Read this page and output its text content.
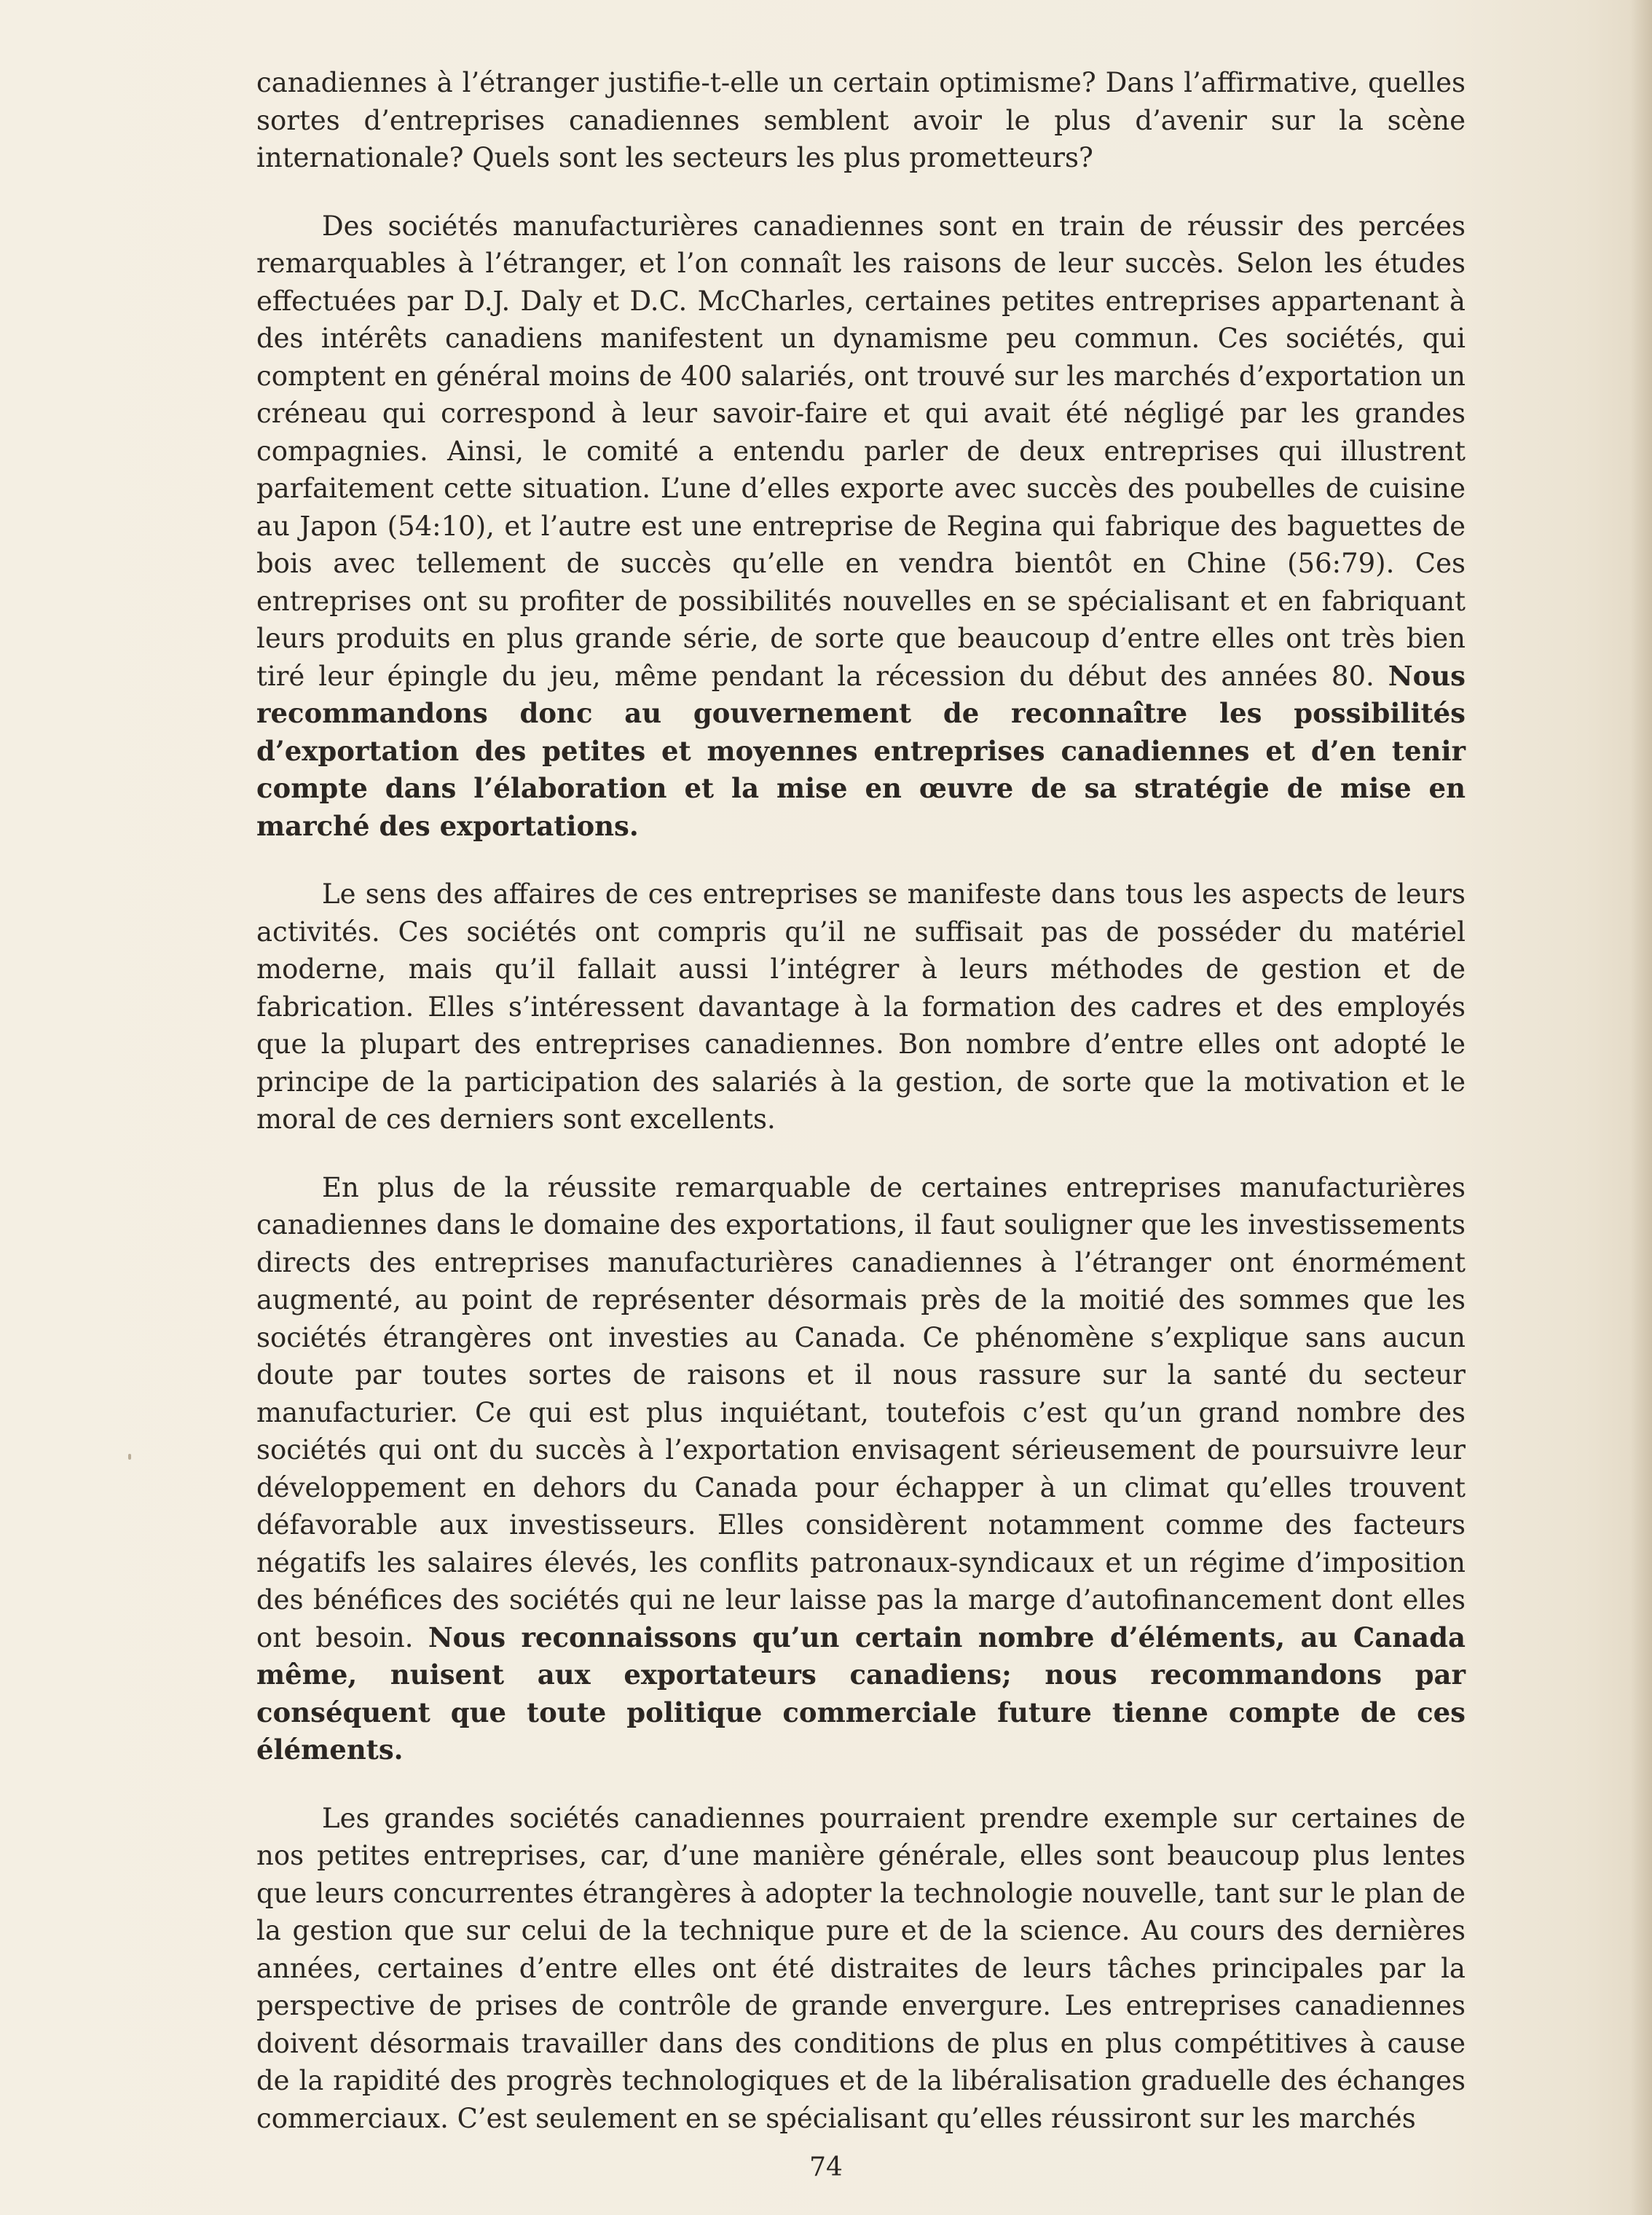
canadiennes à l’étranger justifie-t-elle un certain optimisme? Dans l’affirmative, quelles sortes d’entreprises canadiennes semblent avoir le plus d’avenir sur la scène internationale? Quels sont les secteurs les plus prometteurs?

Des sociétés manufacturières canadiennes sont en train de réussir des percées remarquables à l’étranger, et l’on connaît les raisons de leur succès. Selon les études effectuées par D.J. Daly et D.C. McCharles, certaines petites entreprises appartenant à des intérêts canadiens manifestent un dynamisme peu commun. Ces sociétés, qui comptent en général moins de 400 salariés, ont trouvé sur les marchés d’exportation un créneau qui correspond à leur savoir-faire et qui avait été négligé par les grandes compagnies. Ainsi, le comité a entendu parler de deux entreprises qui illustrent parfaitement cette situation. L’une d’elles exporte avec succès des poubelles de cuisine au Japon (54:10), et l’autre est une entreprise de Regina qui fabrique des baguettes de bois avec tellement de succès qu’elle en vendra bientôt en Chine (56:79). Ces entreprises ont su profiter de possibilités nouvelles en se spécialisant et en fabriquant leurs produits en plus grande série, de sorte que beaucoup d’entre elles ont très bien tiré leur épingle du jeu, même pendant la récession du début des années 80. Nous recommandons donc au gouvernement de reconnaître les possibilités d’exportation des petites et moyennes entreprises canadiennes et d’en tenir compte dans l’élaboration et la mise en œuvre de sa stratégie de mise en marché des exportations.

Le sens des affaires de ces entreprises se manifeste dans tous les aspects de leurs activités. Ces sociétés ont compris qu’il ne suffisait pas de posséder du matériel moderne, mais qu’il fallait aussi l’intégrer à leurs méthodes de gestion et de fabrication. Elles s’intéressent davantage à la formation des cadres et des employés que la plupart des entreprises canadiennes. Bon nombre d’entre elles ont adopté le principe de la participation des salariés à la gestion, de sorte que la motivation et le moral de ces derniers sont excellents.

En plus de la réussite remarquable de certaines entreprises manufacturières canadiennes dans le domaine des exportations, il faut souligner que les investissements directs des entreprises manufacturières canadiennes à l’étranger ont énormément augmenté, au point de représenter désormais près de la moitié des sommes que les sociétés étrangères ont investies au Canada. Ce phénomène s’explique sans aucun doute par toutes sortes de raisons et il nous rassure sur la santé du secteur manufacturier. Ce qui est plus inquiétant, toutefois c’est qu’un grand nombre des sociétés qui ont du succès à l’exportation envisagent sérieusement de poursuivre leur développement en dehors du Canada pour échapper à un climat qu’elles trouvent défavorable aux investisseurs. Elles considèrent notamment comme des facteurs négatifs les salaires élevés, les conflits patronaux-syndicaux et un régime d’imposition des bénéfices des sociétés qui ne leur laisse pas la marge d’autofinancement dont elles ont besoin. Nous reconnaissons qu’un certain nombre d’éléments, au Canada même, nuisent aux exportateurs canadiens; nous recommandons par conséquent que toute politique commerciale future tienne compte de ces éléments.

Les grandes sociétés canadiennes pourraient prendre exemple sur certaines de nos petites entreprises, car, d’une manière générale, elles sont beaucoup plus lentes que leurs concurrentes étrangères à adopter la technologie nouvelle, tant sur le plan de la gestion que sur celui de la technique pure et de la science. Au cours des dernières années, certaines d’entre elles ont été distraites de leurs tâches principales par la perspective de prises de contrôle de grande envergure. Les entreprises canadiennes doivent désormais travailler dans des conditions de plus en plus compétitives à cause de la rapidité des progrès technologiques et de la libéralisation graduelle des échanges commerciaux. C’est seulement en se spécialisant qu’elles réussiront sur les marchés

74
